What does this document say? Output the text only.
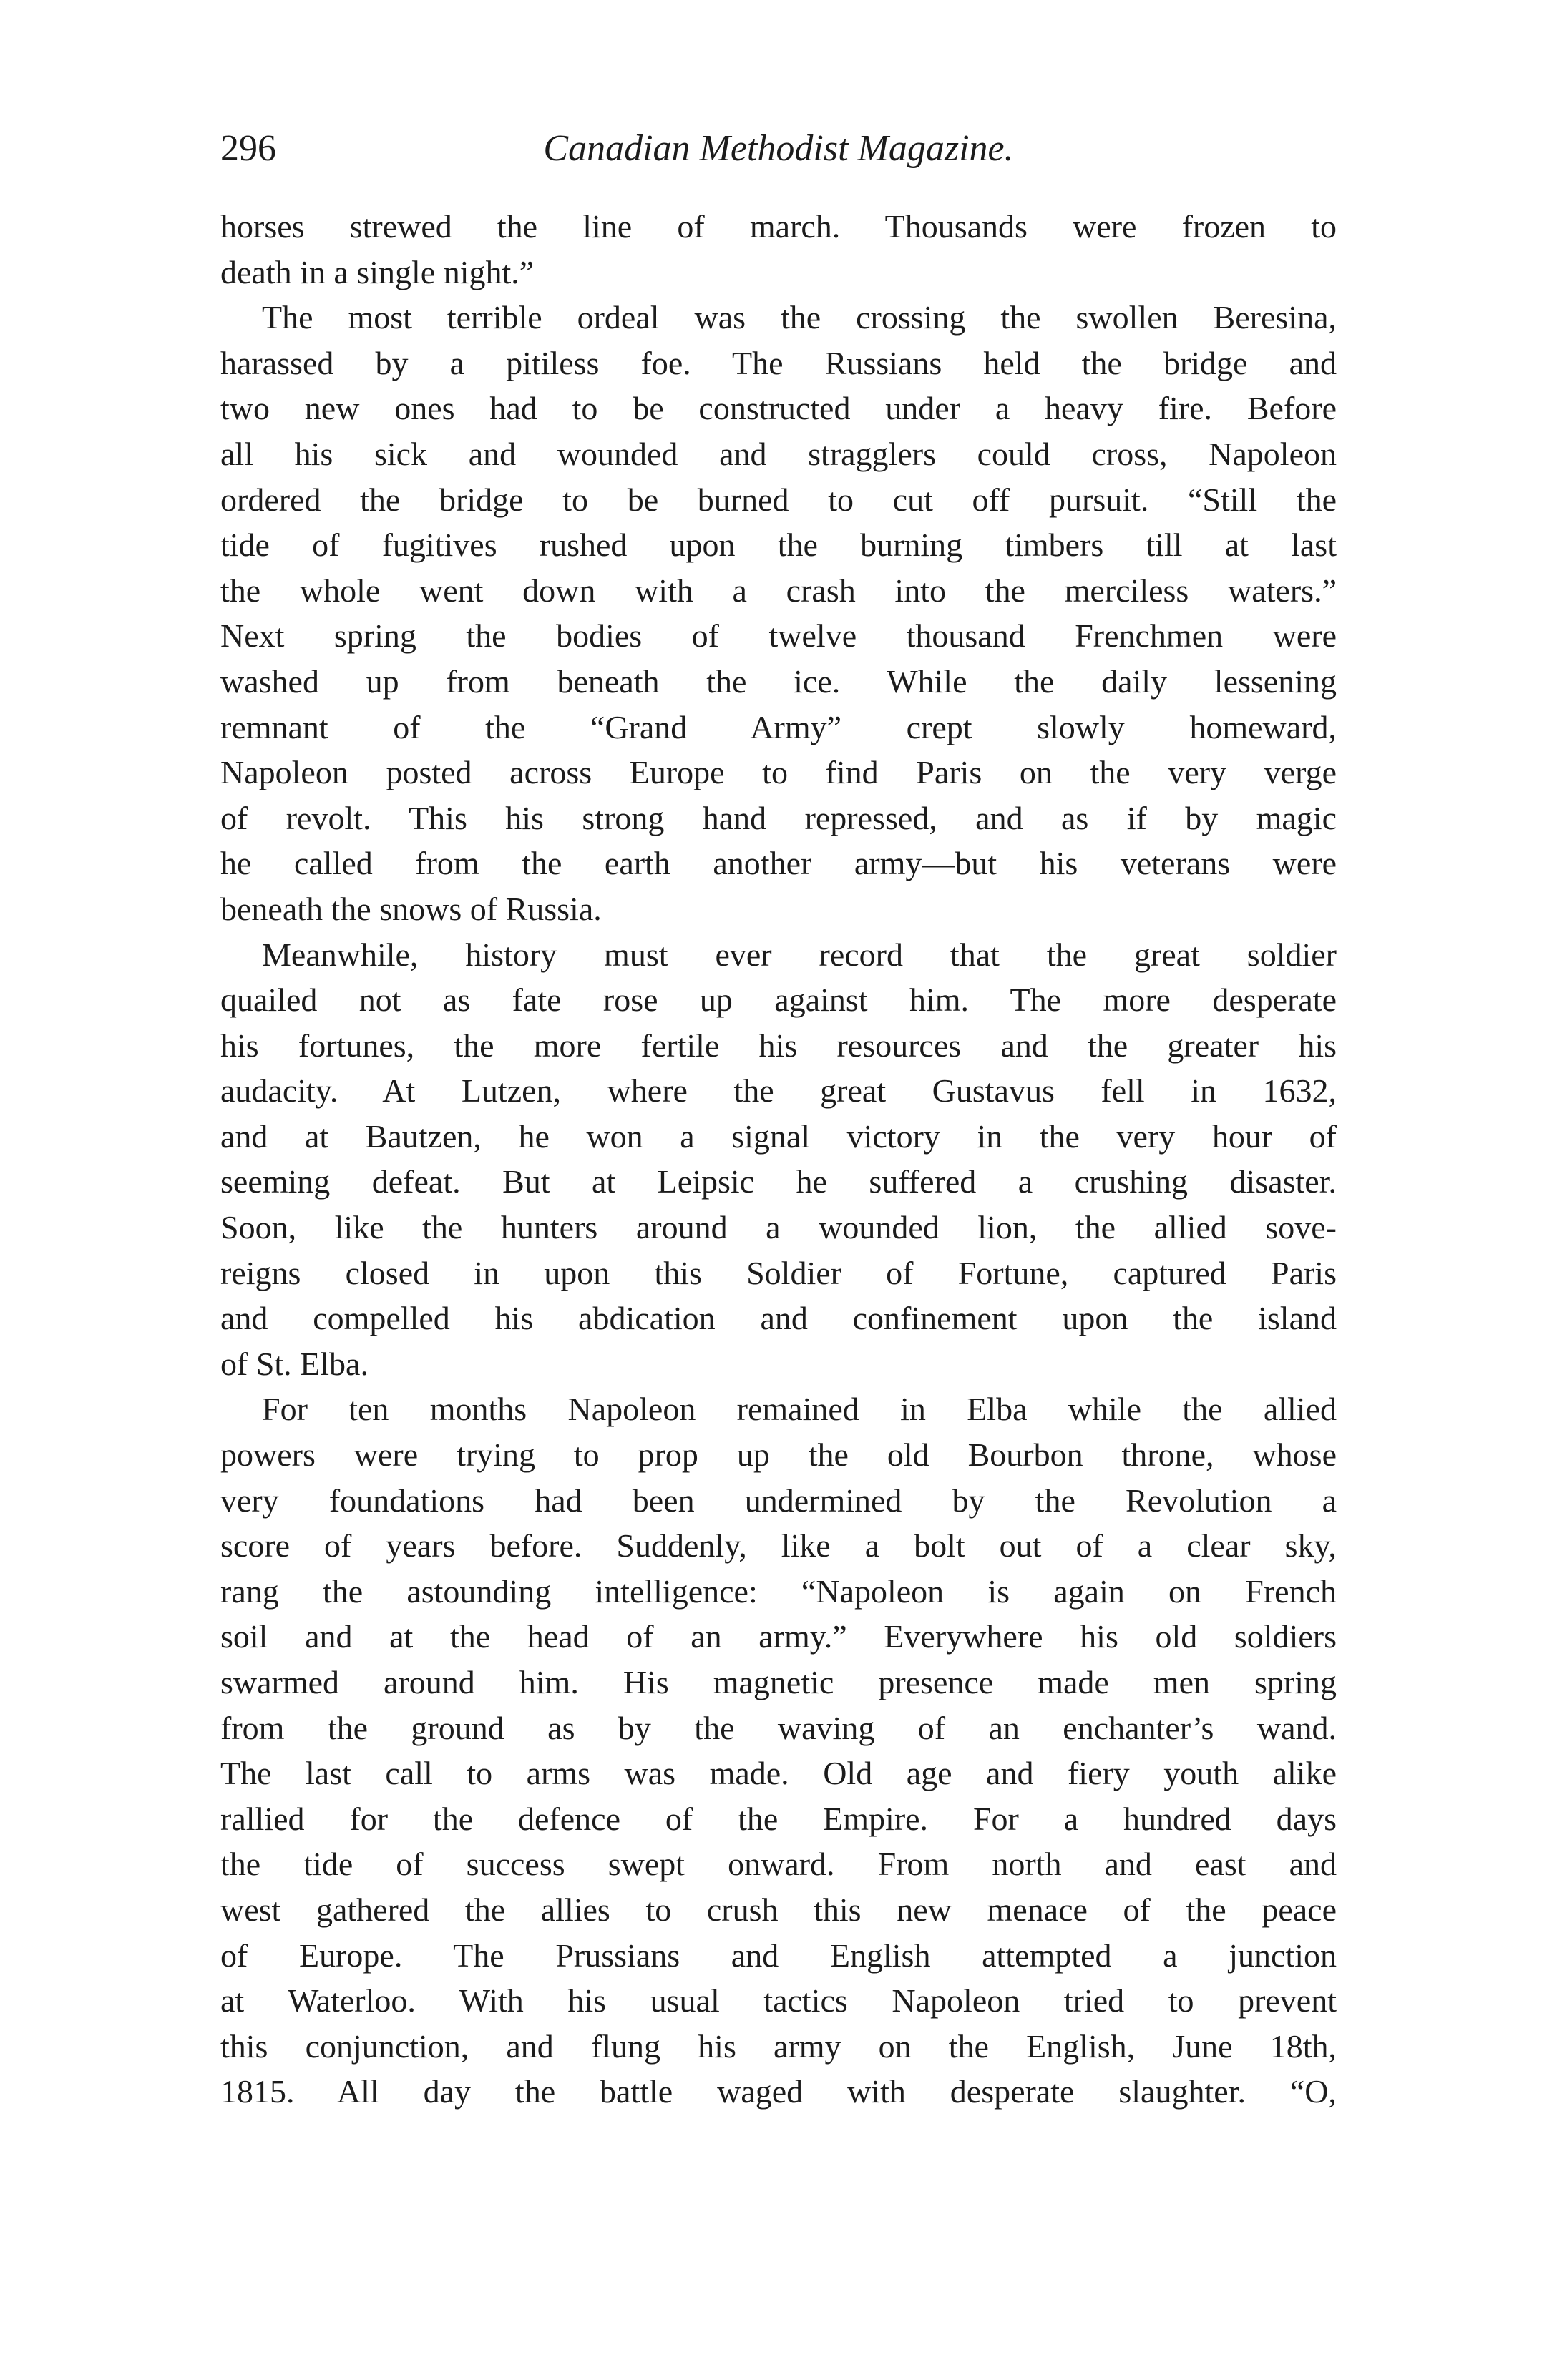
296	Canadian Methodist Magazine.
horses strewed the line of march. Thousands were frozen to
death in a single night.”
The most terrible ordeal was the crossing the swollen Beresina,
harassed by a pitiless foe. The Russians held the bridge and
two new ones had to be constructed under a heavy fire. Before
all his sick and wounded and stragglers could cross, Napoleon
ordered the bridge to be burned to cut off pursuit. “Still the
tide of fugitives rushed upon the burning timbers till at last
the whole went down with a crash into the merciless waters.”
Next spring the bodies of twelve thousand Frenchmen were
washed up from beneath the ice. While the daily lessening
remnant of the “Grand Army” crept slowly homeward,
Napoleon posted across Europe to find Paris on the very verge
of revolt. This his strong hand repressed, and as if by magic
he called from the earth another army—but his veterans were
beneath the snows of Russia.
Meanwhile, history must ever record that the great soldier
quailed not as fate rose up against him. The more desperate
his fortunes, the more fertile his resources and the greater his
audacity. At Lutzen, where the great Gustavus fell in 1632,
and at Bautzen, he won a signal victory in the very hour of
seeming defeat. But at Leipsic he suffered a crushing disaster.
Soon, like the hunters around a wounded lion, the allied sove-
reigns closed in upon this Soldier of Fortune, captured Paris
and compelled his abdication and confinement upon the island
of St. Elba.
For ten months Napoleon remained in Elba while the allied
powers were trying to prop up the old Bourbon throne, whose
very foundations had been undermined by the Revolution a
score of years before. Suddenly, like a bolt out of a clear sky,
rang the astounding intelligence: “Napoleon is again on French
soil and at the head of an army.” Everywhere his old soldiers
swarmed around him. His magnetic presence made men spring
from the ground as by the waving of an enchanter’s wand.
The last call to arms was made. Old age and fiery youth alike
rallied for the defence of the Empire. For a hundred days
the tide of success swept onward. From north and east and
west gathered the allies to crush this new menace of the peace
of Europe. The Prussians and English attempted a junction
at Waterloo. With his usual tactics Napoleon tried to prevent
this conjunction, and flung his army on the English, June 18th,
1815. All day the battle waged with desperate slaughter. “O,
